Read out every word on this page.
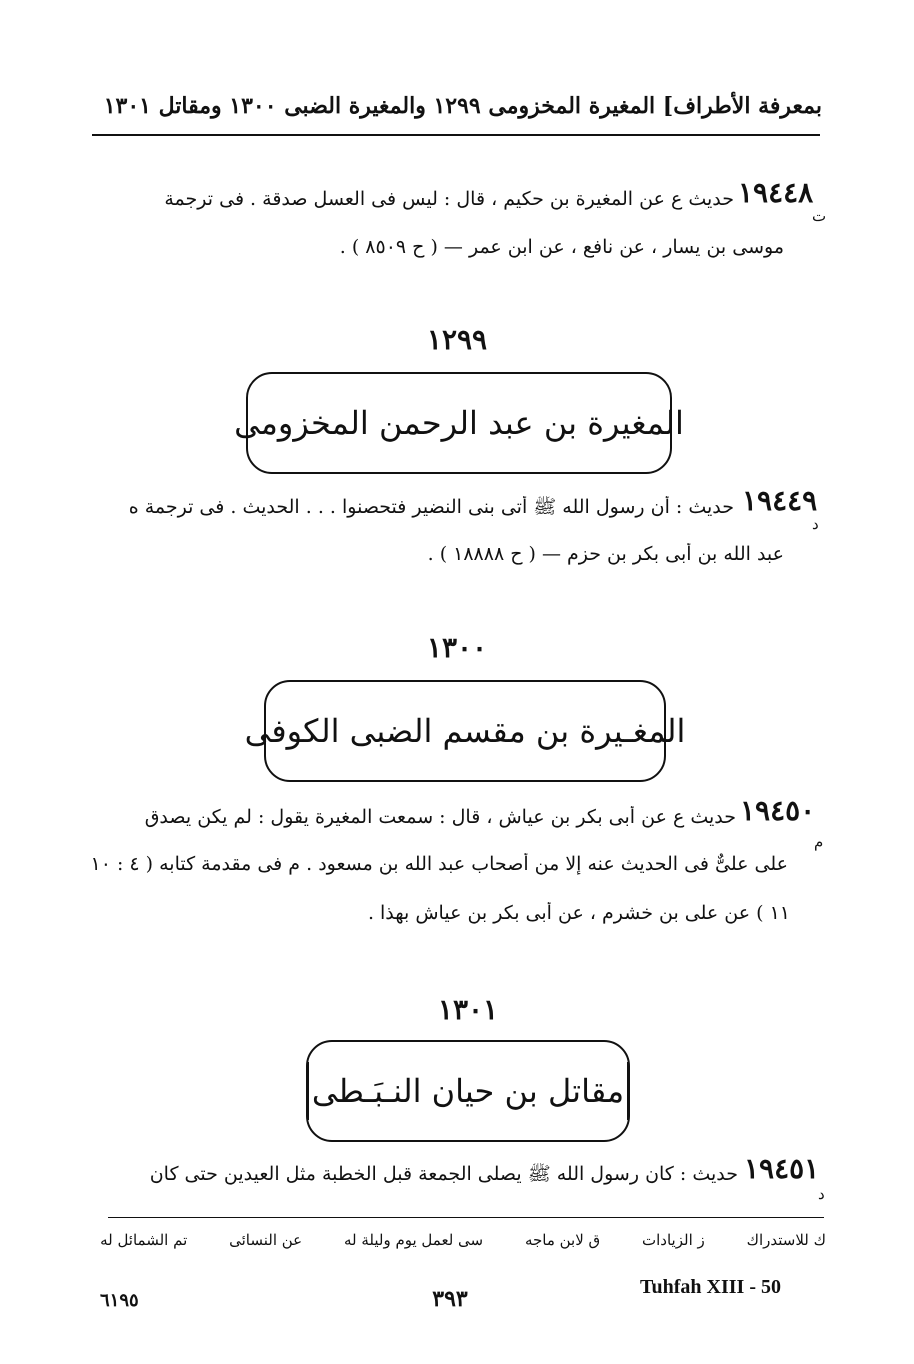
بمعرفة الأطراف] المغيرة المخزومى ١٢٩٩ والمغيرة الضبى ١٣٠٠ ومقاتل ١٣٠١
١٩٤٤٨
ت
حديث ع عن المغيرة بن حكيم ، قال : ليس فى العسل صدقة . فى ترجمة
موسى بن يسار ، عن نافع ، عن ابن عمر — ( ح ٨٥٠٩ ) .
١٢٩٩
المغيرة بن عبد الرحمن المخزومى
١٩٤٤٩
د
حديث : أن رسول الله ﷺ أتى بنى النضير فتحصنوا . . . الحديث . فى ترجمة ه
عبد الله بن أبى بكر بن حزم — ( ح ١٨٨٨٨ ) .
١٣٠٠
المغـيرة بن مقسم الضبى الكوفى
١٩٤٥٠
م
حديث ع عن أبى بكر بن عياش ، قال : سمعت المغيرة يقول : لم يكن يصدق
على علىٌّ فى الحديث عنه إلا من أصحاب عبد الله بن مسعود . م فى مقدمة كتابه ( ٤ : ١٠
١١ ) عن على بن خشرم ، عن أبى بكر بن عياش بهذا .
١٣٠١
مقاتل بن حيان النـبَـطى
١٩٤٥١
د
حديث : كان رسول الله ﷺ يصلى الجمعة قبل الخطبة مثل العيدين حتى كان
تم الشمائل له	عن النسائى	سى لعمل يوم وليلة له	ق لابن ماجه	ز الزيادات	ك للاستدراك
٦١٩٥	٣٩٣	Tuhfah XIII - 50
